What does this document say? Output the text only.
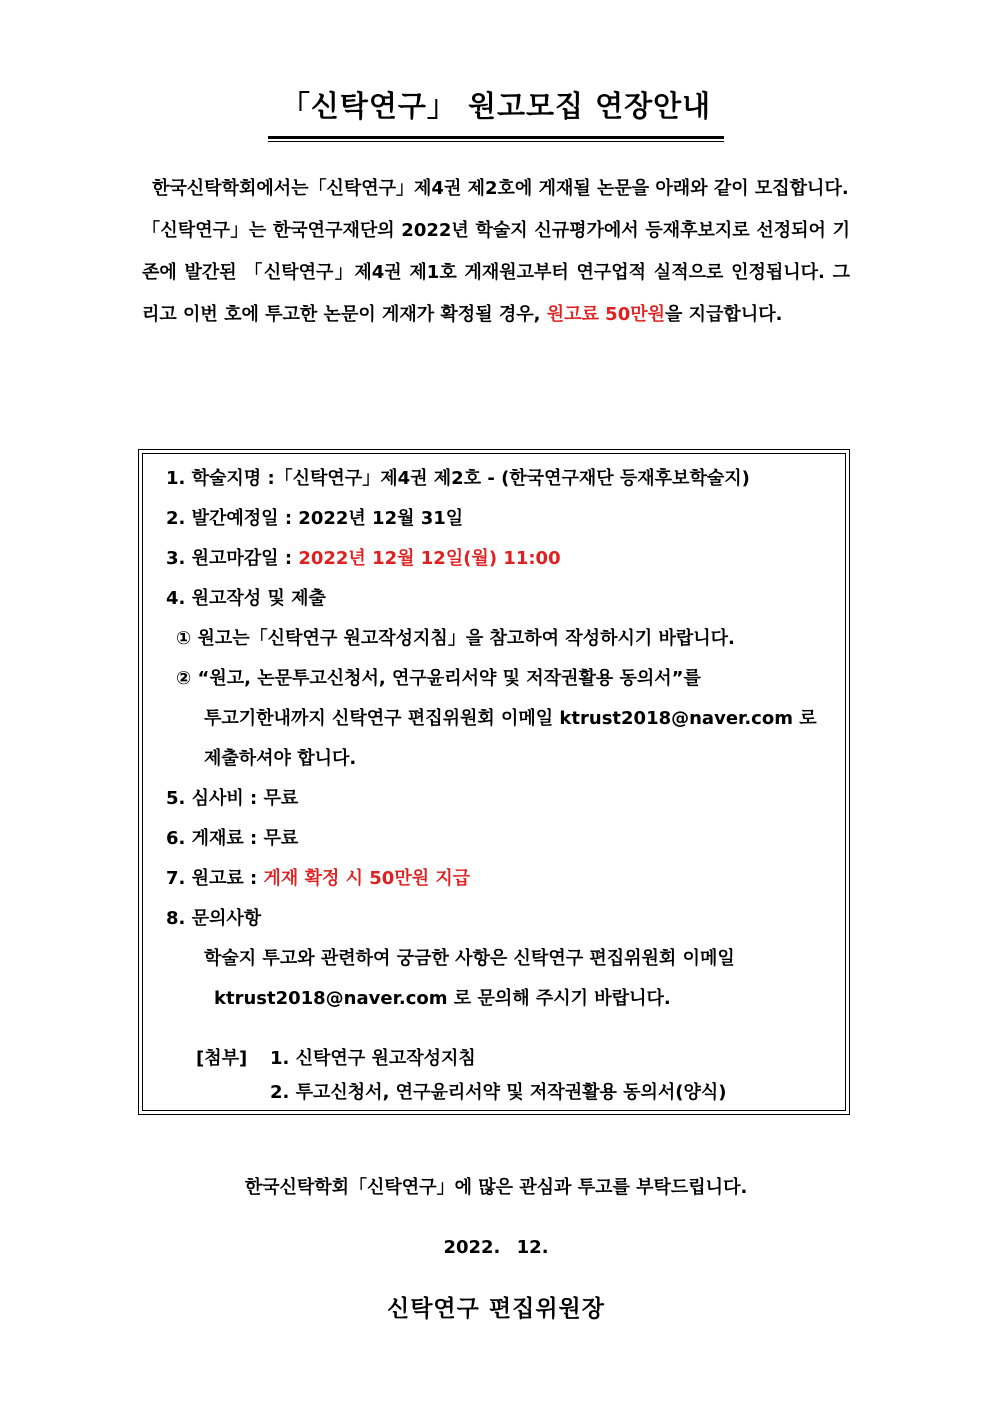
「신탁연구」 원고모집 연장안내

한국신탁학회에서는「신탁연구」제4권 제2호에 게재될 논문을 아래와 같이 모집합니다.

「신탁연구」는 한국연구재단의 2022년 학술지 신규평가에서 등재후보지로 선정되어 기존에 발간된 「신탁연구」제4권 제1호 게재원고부터 연구업적 실적으로 인정됩니다. 그리고 이번 호에 투고한 논문이 게재가 확정될 경우, 원고료 50만원을 지급합니다.

1. 학술지명 :「신탁연구」제4권 제2호 - (한국연구재단 등재후보학술지)
2. 발간예정일 : 2022년 12월 31일
3. 원고마감일 : 2022년 12월 12일(월) 11:00
4. 원고작성 및 제출
① 원고는「신탁연구 원고작성지침」을 참고하여 작성하시기 바랍니다.
② “원고, 논문투고신청서, 연구윤리서약 및 저작권활용 동의서”를
투고기한내까지 신탁연구 편집위원회 이메일 ktrust2018@naver.com 로
제출하셔야 합니다.
5. 심사비 : 무료
6. 게재료 : 무료
7. 원고료 : 게재 확정 시 50만원 지급
8. 문의사항
학술지 투고와 관련하여 궁금한 사항은 신탁연구 편집위원회 이메일
ktrust2018@naver.com 로 문의해 주시기 바랍니다.
[첨부] 1. 신탁연구 원고작성지침
2. 투고신청서, 연구윤리서약 및 저작권활용 동의서(양식)
한국신탁학회「신탁연구」에 많은 관심과 투고를 부탁드립니다.
2022. 12.
신탁연구 편집위원장
